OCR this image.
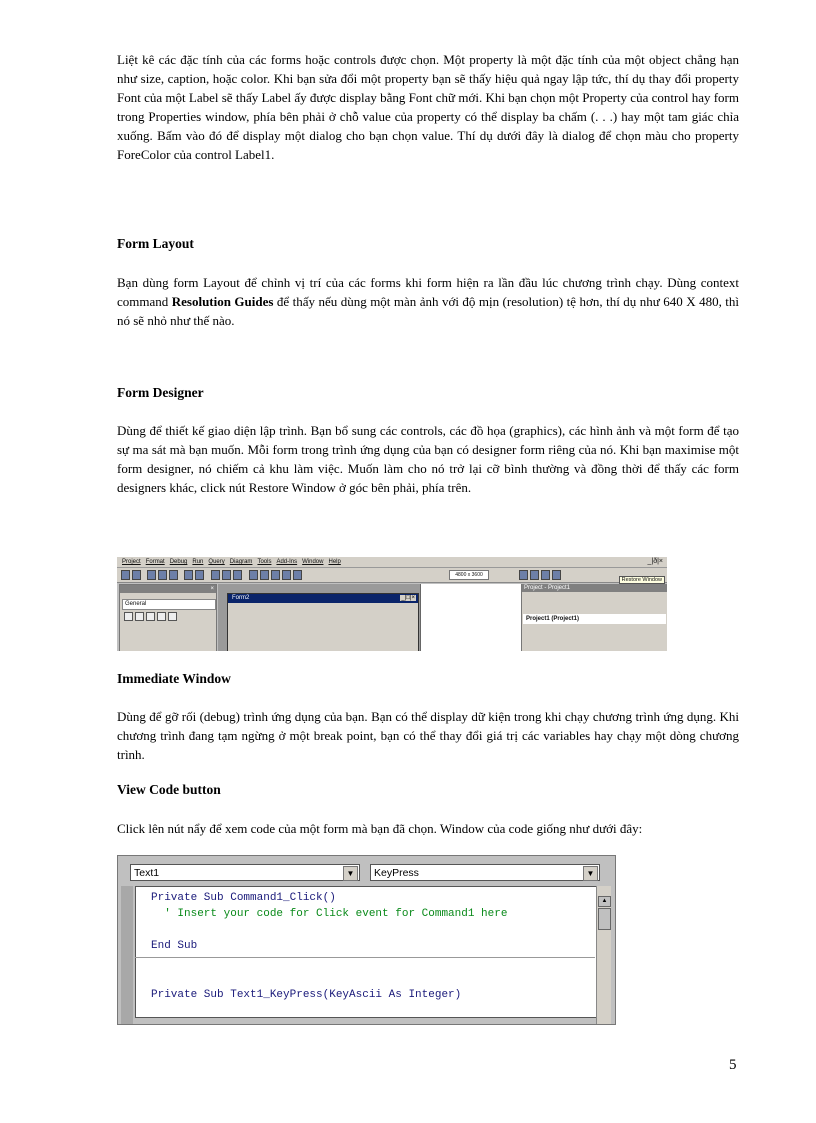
Liệt kê các đặc tính của các forms hoặc controls được chọn. Một property là một đặc tính của một object chẳng hạn như size, caption, hoặc color. Khi bạn sửa đổi một property bạn sẽ thấy hiệu quả ngay lập tức, thí dụ thay đổi property Font của một Label sẽ thấy Label ấy được display bằng Font chữ mới. Khi bạn chọn một Property của control hay form trong Properties window, phía bên phải ở chỗ value của property có thể display ba chấm (. . .) hay một tam giác chỉa xuống. Bấm vào đó để display một dialog cho bạn chọn value. Thí dụ dưới đây là dialog để chọn màu cho property ForeColor của control Label1.
Form Layout
Bạn dùng form Layout để chỉnh vị trí của các forms khi form hiện ra lần đầu lúc chương trình chạy. Dùng context command Resolution Guides để thấy nếu dùng một màn ảnh với độ mịn (resolution) tệ hơn, thí dụ như 640 X 480, thì nó sẽ nhỏ như thế nào.
Form Designer
Dùng để thiết kế giao diện lập trình. Bạn bổ sung các controls, các đồ họa (graphics), các hình ảnh và một form để tạo sự ma sát mà bạn muốn. Mỗi form trong trình ứng dụng của bạn có designer form riêng của nó. Khi bạn maximise một form designer, nó chiếm cả khu làm việc. Muốn làm cho nó trở lại cỡ bình thường và đồng thời để thấy các form designers khác, click nút Restore Window ở góc bên phải, phía trên.
Project Format Debug Run Query Diagram Tools Add-Ins Window Help	_|ð|×
4800 x 3600
Restore Window
×
General
Form2	_|□|×
Project - Project1
Project1 (Project1)
Immediate Window
Dùng để gỡ rối (debug) trình ứng dụng của bạn. Bạn có thể display dữ kiện trong khi chạy chương trình ứng dụng. Khi chương trình đang tạm ngừng ở một break point, bạn có thể thay đổi giá trị các variables hay chạy một dòng chương trình.
View Code button
Click lên nút nẩy để xem code của một form mà bạn đã chọn. Window của code giống như dưới đây:
Text1	▼	KeyPress	▼
Private Sub Command1_Click()
' Insert your code for Click event for Command1 here
End Sub
Private Sub Text1_KeyPress(KeyAscii As Integer)
▲
5
